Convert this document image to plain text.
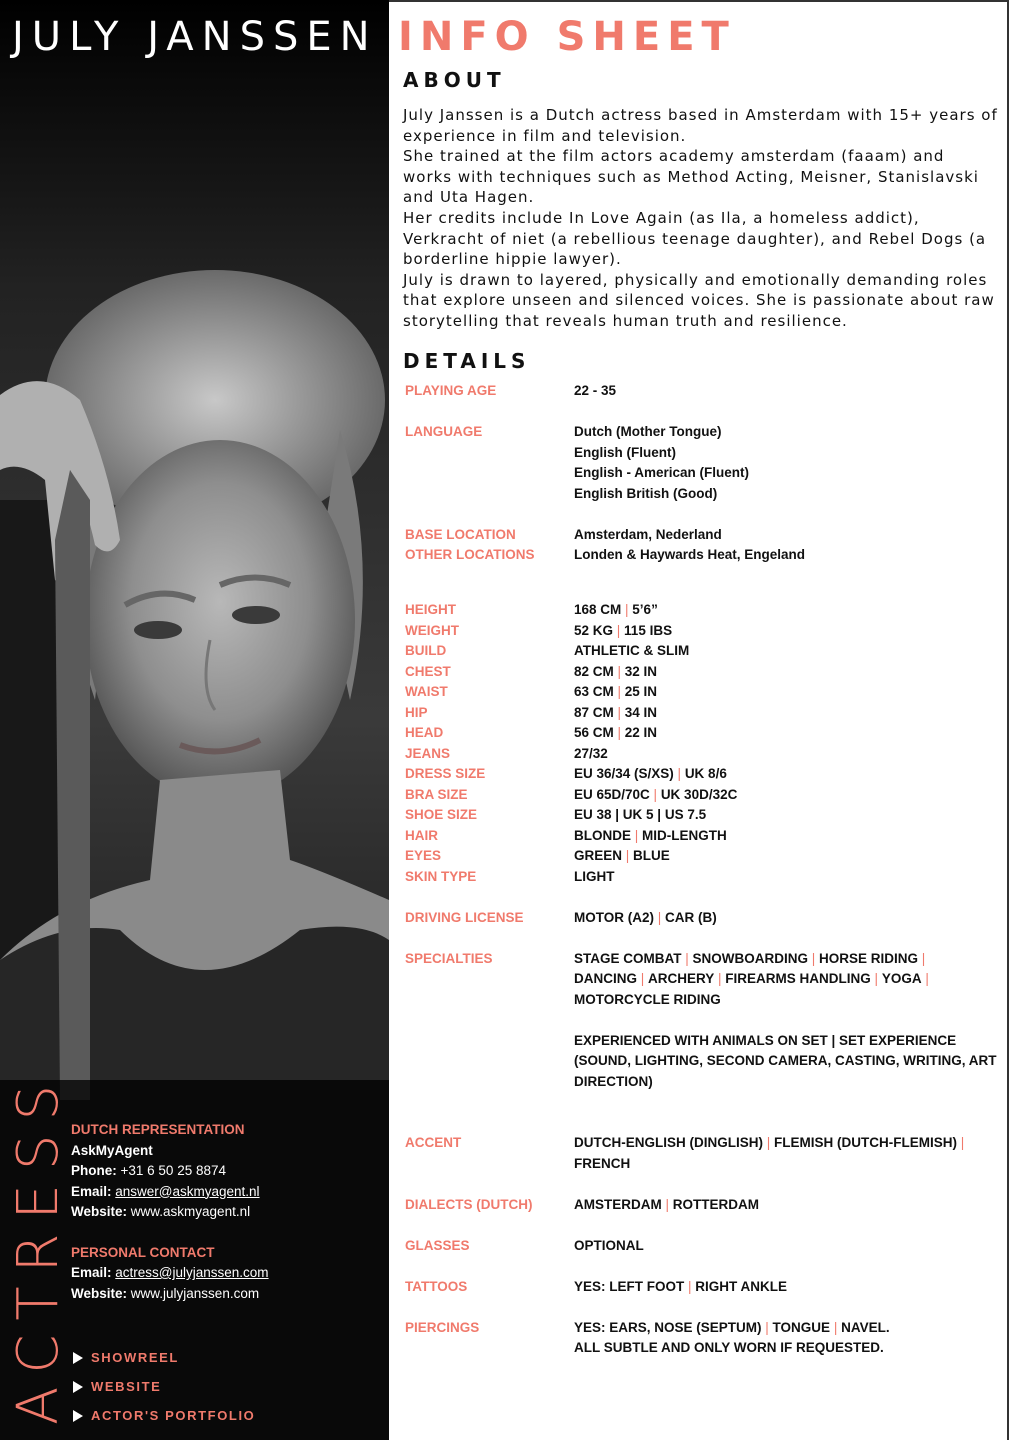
JULY JANSSEN
ACTRESS DUTCH REPRESENTATION
AskMyAgent
Phone: +31 6 50 25 8874
Email: answer@askmyagent.nl
Website: www.askmyagent.nl
PERSONAL CONTACT
Email: actress@julyjanssen.com
Website: www.julyjanssen.com
SHOWREEL
WEBSITE
ACTOR'S PORTFOLIO
INFO SHEET
ABOUT

July Janssen is a Dutch actress based in Amsterdam with 15+ years of experience in film and television.

She trained at the film actors academy amsterdam (faaam) and works with techniques such as Method Acting, Meisner, Stanislavski and Uta Hagen.

Her credits include In Love Again (as Ila, a homeless addict), Verkracht of niet (a rebellious teenage daughter), and Rebel Dogs (a borderline hippie lawyer).

July is drawn to layered, physically and emotionally demanding roles that explore unseen and silenced voices. She is passionate about raw storytelling that reveals human truth and resilience.

DETAILS
PLAYING AGE	22 - 35
LANGUAGE	Dutch (Mother Tongue)
English (Fluent)
English - American (Fluent)
English British (Good)
BASE LOCATION	Amsterdam, Nederland
OTHER LOCATIONS	Londen & Haywards Heat, Engeland
HEIGHT	168 CM | 5’6”
WEIGHT	52 KG | 115 IBS
BUILD	ATHLETIC & SLIM
CHEST	82 CM | 32 IN
WAIST	63 CM | 25 IN
HIP	87 CM | 34 IN
HEAD	56 CM | 22 IN
JEANS	27/32
DRESS SIZE	EU 36/34 (S/XS) | UK 8/6
BRA SIZE	EU 65D/70C | UK 30D/32C
SHOE SIZE	EU 38 | UK 5 | US 7.5
HAIR	BLONDE | MID-LENGTH
EYES	GREEN | BLUE
SKIN TYPE	LIGHT
DRIVING LICENSE	MOTOR (A2) | CAR (B)
SPECIALTIES	STAGE COMBAT | SNOWBOARDING | HORSE RIDING |
DANCING | ARCHERY | FIREARMS HANDLING | YOGA |
MOTORCYCLE RIDING
EXPERIENCED WITH ANIMALS ON SET | SET EXPERIENCE
(SOUND, LIGHTING, SECOND CAMERA, CASTING, WRITING, ART
DIRECTION)
ACCENT	DUTCH-ENGLISH (DINGLISH) | FLEMISH (DUTCH-FLEMISH) |
FRENCH
DIALECTS (DUTCH)	AMSTERDAM | ROTTERDAM
GLASSES	OPTIONAL
TATTOOS	YES: LEFT FOOT | RIGHT ANKLE
PIERCINGS	YES: EARS, NOSE (SEPTUM) | TONGUE | NAVEL.
ALL SUBTLE AND ONLY WORN IF REQUESTED.
